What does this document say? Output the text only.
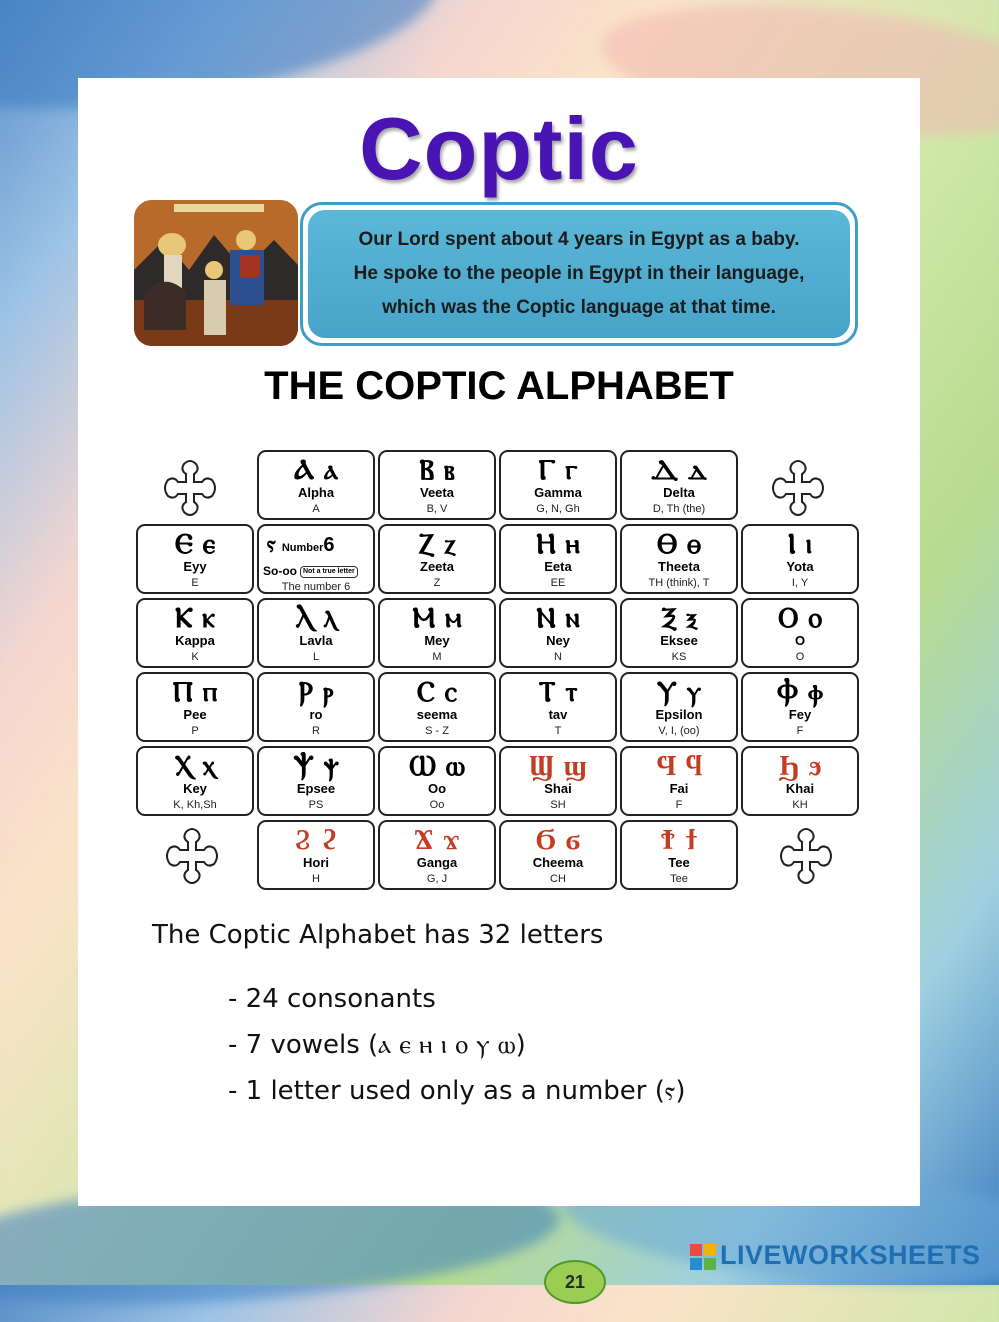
Coptic
Our Lord spent about 4 years in Egypt as a baby.
He spoke to the people in Egypt in their language,
which was the Coptic language at that time.
THE COPTIC ALPHABET
Ⲁ ⲁ
Alpha
A
Ⲃ ⲃ
Veeta
B, V
Ⲅ ⲅ
Gamma
G, N, Gh
Ⲇ ⲇ
Delta
D, Th (the)
Ⲉ ⲉ
Eyy
E
ⲋ Number6
So-oo Not a true letter
The number 6
Ⲍ ⲍ
Zeeta
Z
Ⲏ ⲏ
Eeta
EE
Ⲑ ⲑ
Theeta
TH (think), T
Ⲓ ⲓ
Yota
I, Y
Ⲕ ⲕ
Kappa
K
Ⲗ ⲗ
Lavla
L
Ⲙ ⲙ
Mey
M
Ⲛ ⲛ
Ney
N
Ⲝ ⲝ
Eksee
KS
Ⲟ ⲟ
O
O
Ⲡ ⲡ
Pee
P
Ⲣ ⲣ
ro
R
Ⲥ ⲥ
seema
S - Z
Ⲧ ⲧ
tav
T
Ⲩ ⲩ
Epsilon
V, I, (oo)
Ⲫ ⲫ
Fey
F
Ⲭ ⲭ
Key
K, Kh,Sh
Ⲯ ⲯ
Epsee
PS
Ⲱ ⲱ
Oo
Oo
Ϣ ϣ
Shai
SH
Ϥ ϥ
Fai
F
Ϧ ϧ
Khai
KH
Ϩ ϩ
Hori
H
Ϫ ϫ
Ganga
G, J
Ϭ ϭ
Cheema
CH
Ϯ ϯ
Tee
Tee
The Coptic Alphabet has 32 letters
- 24 consonants
- 7 vowels (ⲁ ⲉ ⲏ ⲓ ⲟ ⲩ ⲱ)
- 1 letter used only as a number (ⲋ)
21
LIVEWORKSHEETS
